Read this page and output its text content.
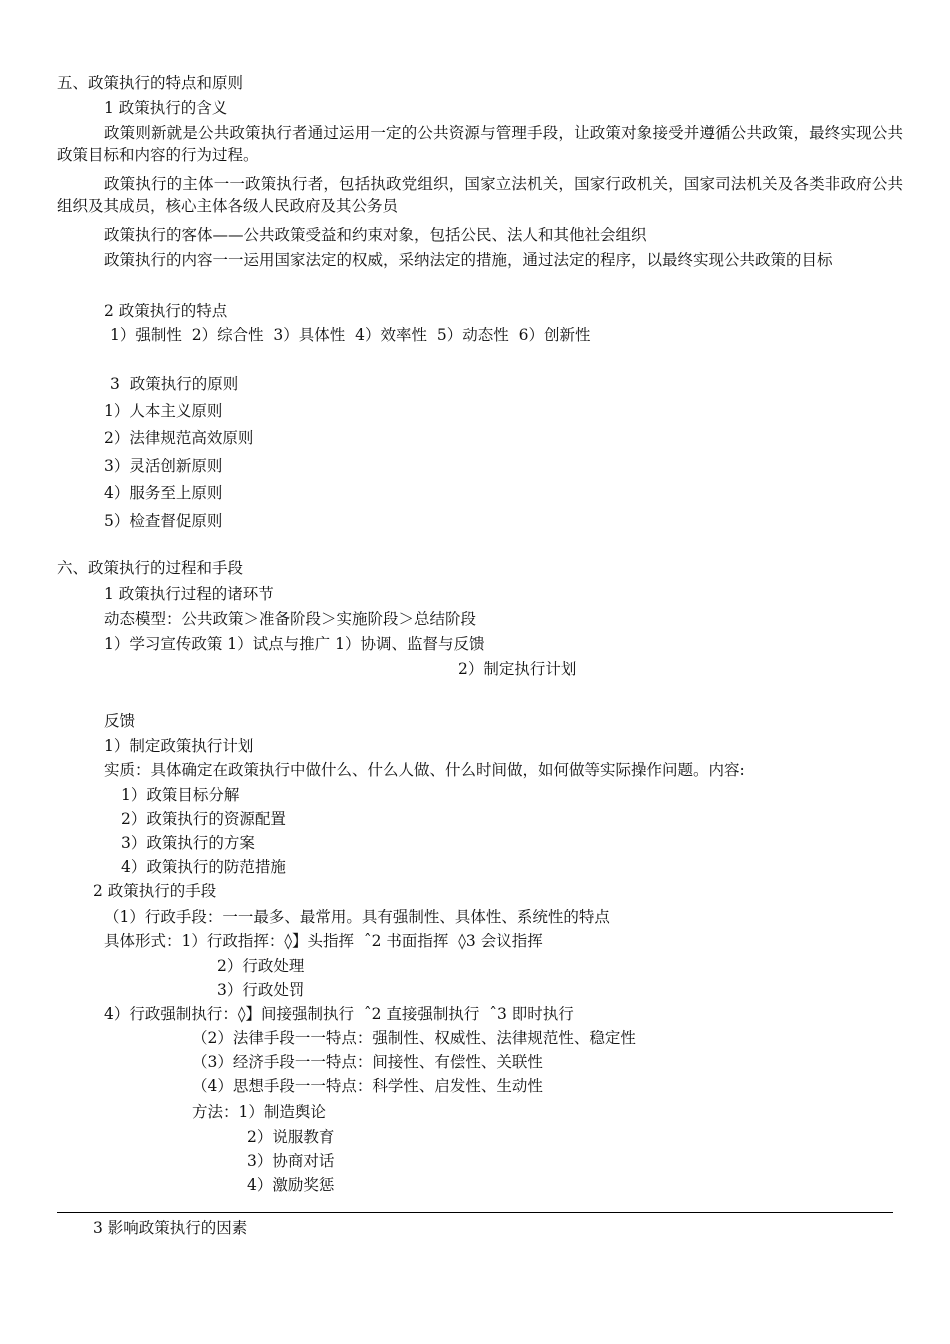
五、政策执行的特点和原则
1 政策执行的含义
政策则新就是公共政策执行者通过运用一定的公共资源与管理手段，让政策对象接受并遵循公共政策，最终实现公共政策目标和内容的行为过程。
政策执行的主体一一政策执行者，包括执政党组织，国家立法机关，国家行政机关，国家司法机关及各类非政府公共组织及其成员，核心主体各级人民政府及其公务员
政策执行的客体——公共政策受益和约束对象，包括公民、法人和其他社会组织
政策执行的内容一一运用国家法定的权威，采纳法定的措施，通过法定的程序，以最终实现公共政策的目标
2 政策执行的特点
1）强制性  2）综合性  3）具体性  4）效率性  5）动态性  6）创新性
3  政策执行的原则
1）人本主义原则
2）法律规范高效原则
3）灵活创新原则
4）服务至上原则
5）检查督促原则
六、政策执行的过程和手段
1 政策执行过程的诸环节
动态模型：公共政策＞准备阶段＞实施阶段＞总结阶段
1）学习宣传政策 1）试点与推广 1）协调、监督与反馈
2）制定执行计划
反馈
1）制定政策执行计划
实质：具体确定在政策执行中做什么、什么人做、什么时间做，如何做等实际操作问题。内容:
1）政策目标分解
2）政策执行的资源配置
3）政策执行的方案
4）政策执行的防范措施
2 政策执行的手段
（1）行政手段：一一最多、最常用。具有强制性、具体性、系统性的特点
具体形式：1）行政指挥：◊】头指挥  ˆ2 书面指挥  ◊3 会议指挥
2）行政处理
3）行政处罚
4）行政强制执行：◊】间接强制执行  ˆ2 直接强制执行  ˆ3 即时执行
（2）法律手段一一特点：强制性、权威性、法律规范性、稳定性
（3）经济手段一一特点：间接性、有偿性、关联性
（4）思想手段一一特点：科学性、启发性、生动性
方法：1）制造舆论
2）说服教育
3）协商对话
4）激励奖惩
3 影响政策执行的因素
